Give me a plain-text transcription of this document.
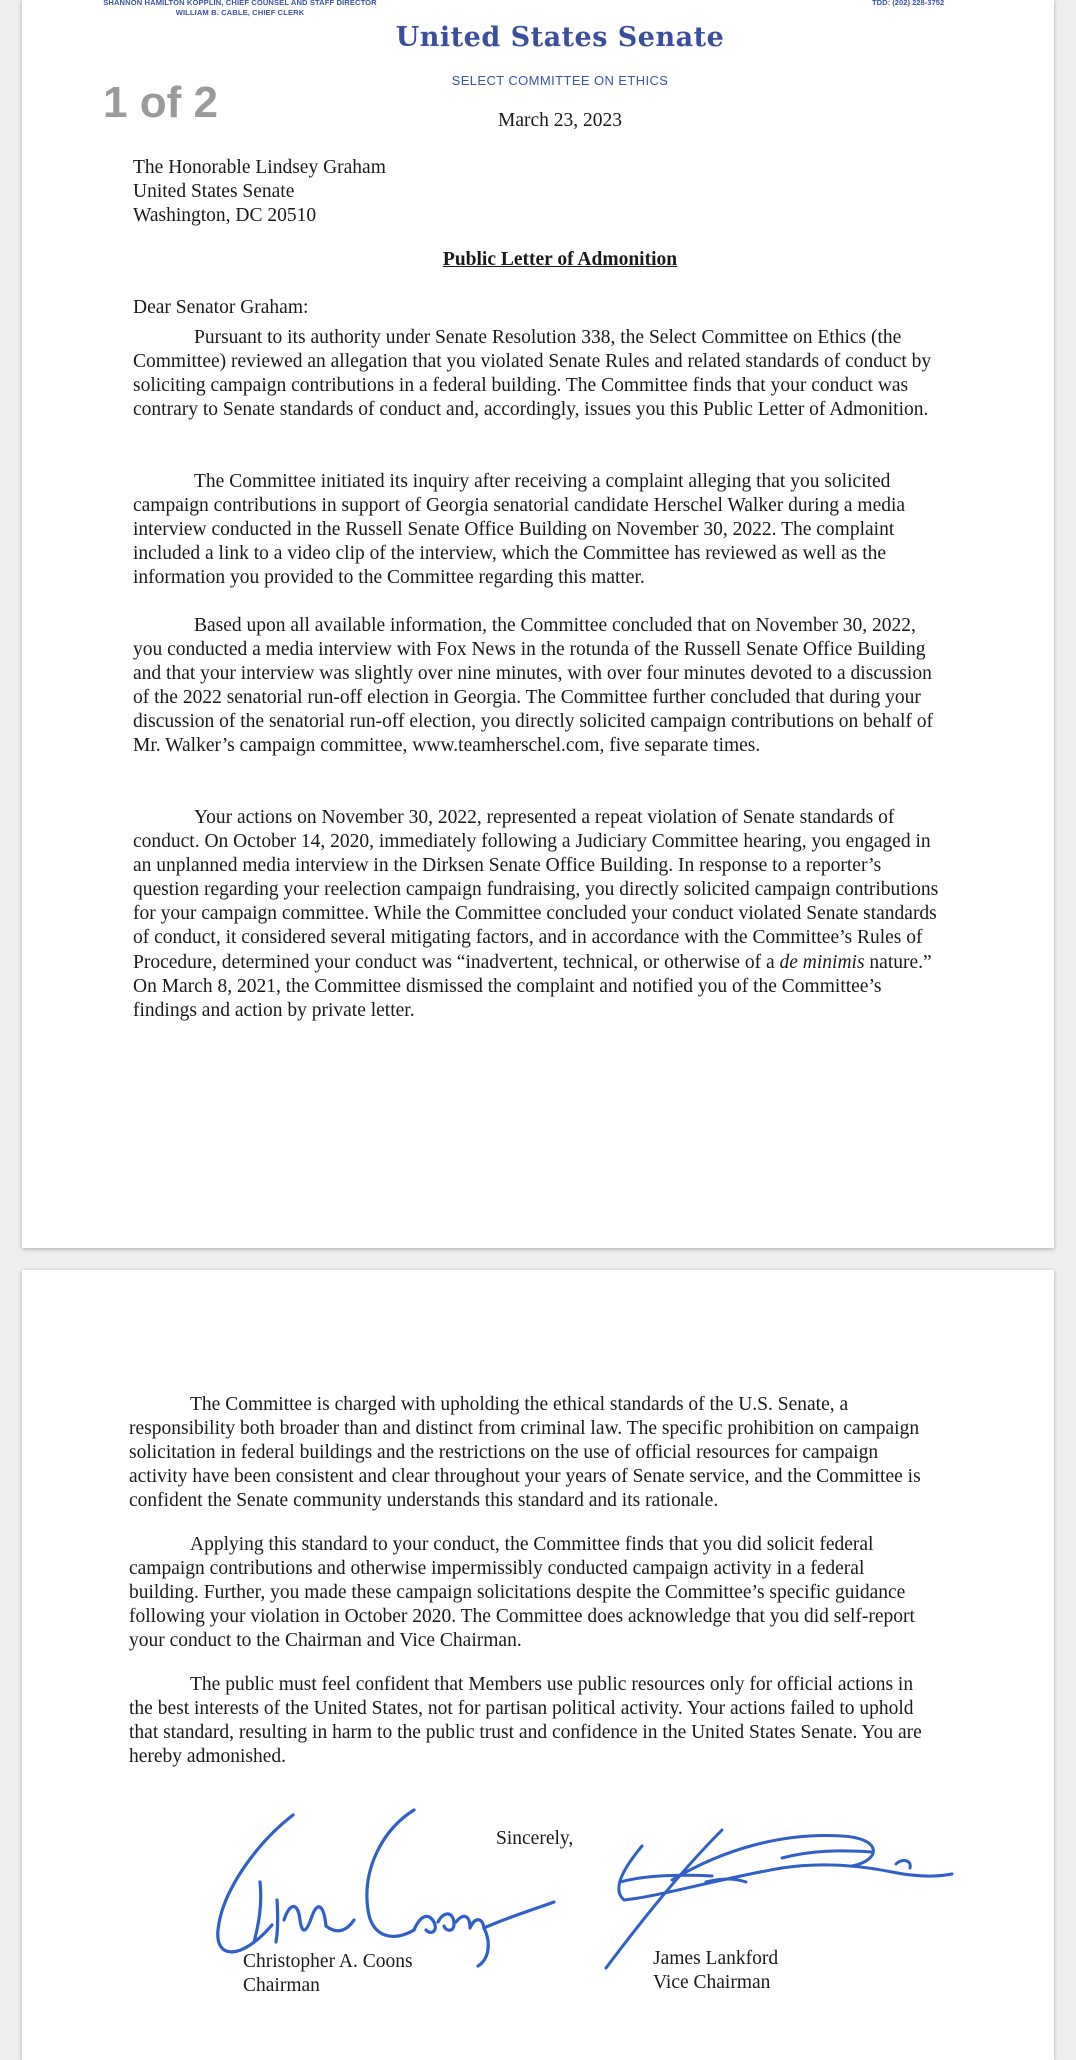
SHANNON HAMILTON KOPPLIN, CHIEF COUNSEL AND STAFF DIRECTOR
WILLIAM B. CABLE, CHIEF CLERK
TDD: (202) 228-3752
United States Senate
SELECT COMMITTEE ON ETHICS
1 of 2	March 23, 2023
The Honorable Lindsey Graham
United States Senate
Washington, DC 20510
Public Letter of Admonition
Dear Senator Graham:

Pursuant to its authority under Senate Resolution 338, the Select Committee on Ethics (the Committee) reviewed an allegation that you violated Senate Rules and related standards of conduct by soliciting campaign contributions in a federal building. The Committee finds that your conduct was contrary to Senate standards of conduct and, accordingly, issues you this Public Letter of Admonition.

The Committee initiated its inquiry after receiving a complaint alleging that you solicited campaign contributions in support of Georgia senatorial candidate Herschel Walker during a media interview conducted in the Russell Senate Office Building on November 30, 2022. The complaint included a link to a video clip of the interview, which the Committee has reviewed as well as the information you provided to the Committee regarding this matter.

Based upon all available information, the Committee concluded that on November 30, 2022, you conducted a media interview with Fox News in the rotunda of the Russell Senate Office Building and that your interview was slightly over nine minutes, with over four minutes devoted to a discussion of the 2022 senatorial run-off election in Georgia. The Committee further concluded that during your discussion of the senatorial run-off election, you directly solicited campaign contributions on behalf of Mr. Walker’s campaign committee, www.teamherschel.com, five separate times.

Your actions on November 30, 2022, represented a repeat violation of Senate standards of conduct. On October 14, 2020, immediately following a Judiciary Committee hearing, you engaged in an unplanned media interview in the Dirksen Senate Office Building. In response to a reporter’s question regarding your reelection campaign fundraising, you directly solicited campaign contributions for your campaign committee. While the Committee concluded your conduct violated Senate standards of conduct, it considered several mitigating factors, and in accordance with the Committee’s Rules of Procedure, determined your conduct was “inadvertent, technical, or otherwise of a de minimis nature.” On March 8, 2021, the Committee dismissed the complaint and notified you of the Committee’s findings and action by private letter.

The Committee is charged with upholding the ethical standards of the U.S. Senate, a responsibility both broader than and distinct from criminal law. The specific prohibition on campaign solicitation in federal buildings and the restrictions on the use of official resources for campaign activity have been consistent and clear throughout your years of Senate service, and the Committee is confident the Senate community understands this standard and its rationale.

Applying this standard to your conduct, the Committee finds that you did solicit federal campaign contributions and otherwise impermissibly conducted campaign activity in a federal building. Further, you made these campaign solicitations despite the Committee’s specific guidance following your violation in October 2020. The Committee does acknowledge that you did self-report your conduct to the Chairman and Vice Chairman.

The public must feel confident that Members use public resources only for official actions in the best interests of the United States, not for partisan political activity. Your actions failed to uphold that standard, resulting in harm to the public trust and confidence in the United States Senate. You are hereby admonished.

Sincerely,
Christopher A. Coons
Chairman
James Lankford
Vice Chairman
